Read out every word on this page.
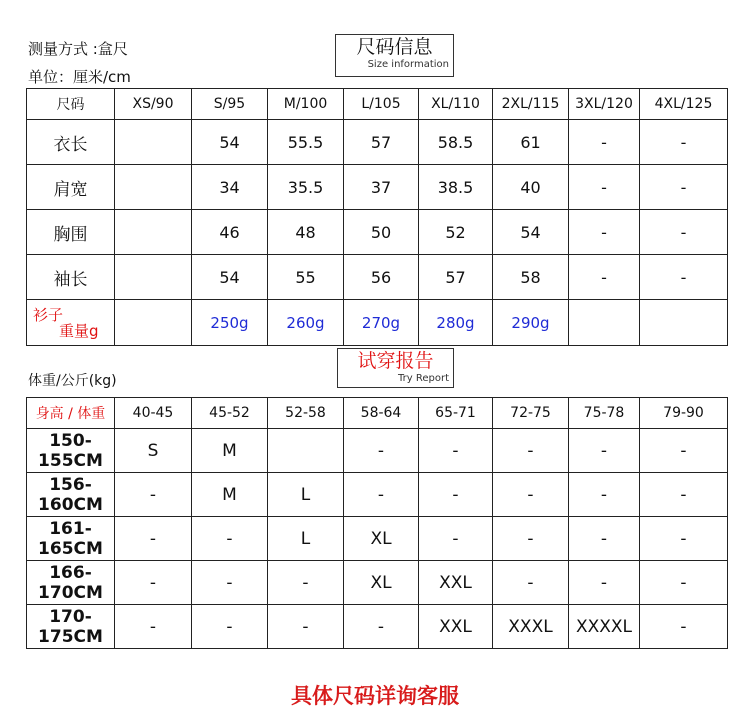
测量方式 :盒尺
单位：厘米/cm
尺码信息
Size information
尺码	XS/90	S/95	M/100	L/105	XL/110	2XL/115	3XL/120	4XL/125
衣长		54	55.5	57	58.5	61	-	-
肩宽		34	35.5	37	38.5	40	-	-
胸围		46	48	50	52	54	-	-
袖长		54	55	56	57	58	-	-

衫子
重量g		250g	260g	270g	280g	290g		
试穿报告
Try Report
体重/公斤(kg)
身高 / 体重	40-45	45-52	52-58	58-64	65-71	72-75	75-78	79-90
150-155CM	S	M		-	-	-	-	-
156-160CM	-	M	L	-	-	-	-	-
161-165CM	-	-	L	XL	-	-	-	-
166-170CM	-	-	-	XL	XXL	-	-	-
170-175CM	-	-	-	-	XXL	XXXL	XXXXL	-
具体尺码详询客服
